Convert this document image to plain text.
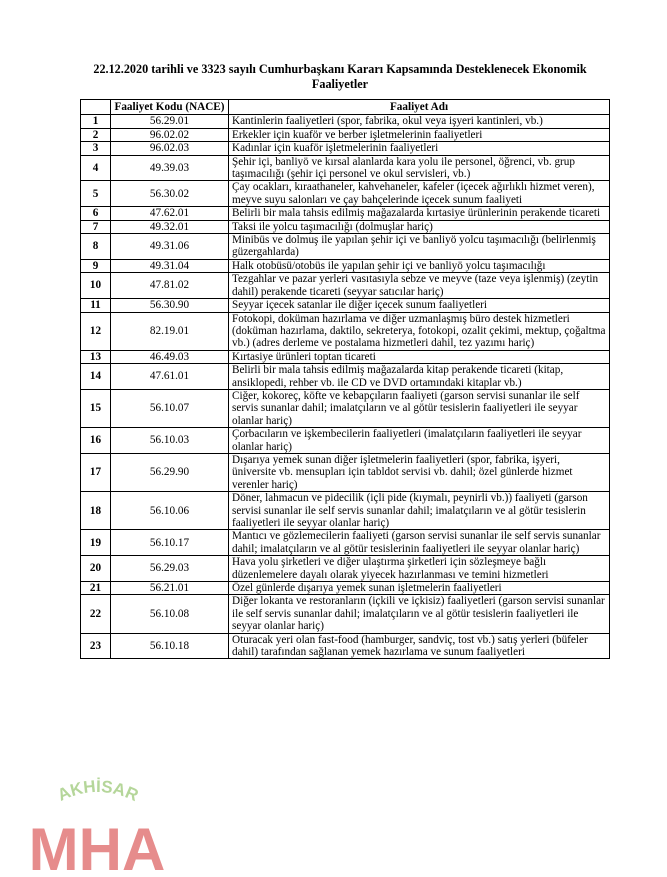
22.12.2020 tarihli ve 3323 sayılı Cumhurbaşkanı Kararı Kapsamında Desteklenecek Ekonomik Faaliyetler
	Faaliyet Kodu (NACE)	Faaliyet Adı
1	56.29.01	Kantinlerin faaliyetleri (spor, fabrika, okul veya işyeri kantinleri, vb.)
2	96.02.02	Erkekler için kuaför ve berber işletmelerinin faaliyetleri
3	96.02.03	Kadınlar için kuaför işletmelerinin faaliyetleri
4	49.39.03	Şehir içi, banliyö ve kırsal alanlarda kara yolu ile personel, öğrenci, vb. grup taşımacılığı (şehir içi personel ve okul servisleri, vb.)
5	56.30.02	Çay ocakları, kıraathaneler, kahvehaneler, kafeler (içecek ağırlıklı hizmet veren), meyve suyu salonları ve çay bahçelerinde içecek sunum faaliyeti
6	47.62.01	Belirli bir mala tahsis edilmiş mağazalarda kırtasiye ürünlerinin perakende ticareti
7	49.32.01	Taksi ile yolcu taşımacılığı (dolmuşlar hariç)
8	49.31.06	Minibüs ve dolmuş ile yapılan şehir içi ve banliyö yolcu taşımacılığı (belirlenmiş güzergahlarda)
9	49.31.04	Halk otobüsü/otobüs ile yapılan şehir içi ve banliyö yolcu taşımacılığı
10	47.81.02	Tezgahlar ve pazar yerleri vasıtasıyla sebze ve meyve (taze veya işlenmiş) (zeytin dahil) perakende ticareti (seyyar satıcılar hariç)
11	56.30.90	Seyyar içecek satanlar ile diğer içecek sunum faaliyetleri
12	82.19.01	Fotokopi, doküman hazırlama ve diğer uzmanlaşmış büro destek hizmetleri (doküman hazırlama, daktilo, sekreterya, fotokopi, ozalit çekimi, mektup, çoğaltma vb.) (adres derleme ve postalama hizmetleri dahil, tez yazımı hariç)
13	46.49.03	Kırtasiye ürünleri toptan ticareti
14	47.61.01	Belirli bir mala tahsis edilmiş mağazalarda kitap perakende ticareti (kitap, ansiklopedi, rehber vb. ile CD ve DVD ortamındaki kitaplar vb.)
15	56.10.07	Ciğer, kokoreç, köfte ve kebapçıların faaliyeti (garson servisi sunanlar ile self servis sunanlar dahil; imalatçıların ve al götür tesislerin faaliyetleri ile seyyar olanlar hariç)
16	56.10.03	Çorbacıların ve işkembecilerin faaliyetleri (imalatçıların faaliyetleri ile seyyar olanlar hariç)
17	56.29.90	Dışarıya yemek sunan diğer işletmelerin faaliyetleri (spor, fabrika, işyeri, üniversite vb. mensupları için tabldot servisi vb. dahil; özel günlerde hizmet verenler hariç)
18	56.10.06	Döner, lahmacun ve pidecilik (içli pide (kıymalı, peynirli vb.)) faaliyeti (garson servisi sunanlar ile self servis sunanlar dahil; imalatçıların ve al götür tesislerin faaliyetleri ile seyyar olanlar hariç)
19	56.10.17	Mantıcı ve gözlemecilerin faaliyeti (garson servisi sunanlar ile self servis sunanlar dahil; imalatçıların ve al götür tesislerinin faaliyetleri ile seyyar olanlar hariç)
20	56.29.03	Hava yolu şirketleri ve diğer ulaştırma şirketleri için sözleşmeye bağlı düzenlemelere dayalı olarak yiyecek hazırlanması ve temini hizmetleri
21	56.21.01	Özel günlerde dışarıya yemek sunan işletmelerin faaliyetleri
22	56.10.08	Diğer lokanta ve restoranların (içkili ve içkisiz) faaliyetleri (garson servisi sunanlar ile self servis sunanlar dahil; imalatçıların ve al götür tesislerin faaliyetleri ile seyyar olanlar hariç)
23	56.10.18	Oturacak yeri olan fast-food (hamburger, sandviç, tost vb.) satış yerleri (büfeler dahil) tarafından sağlanan yemek hazırlama ve sunum faaliyetleri
AKHİSAR
MHA
